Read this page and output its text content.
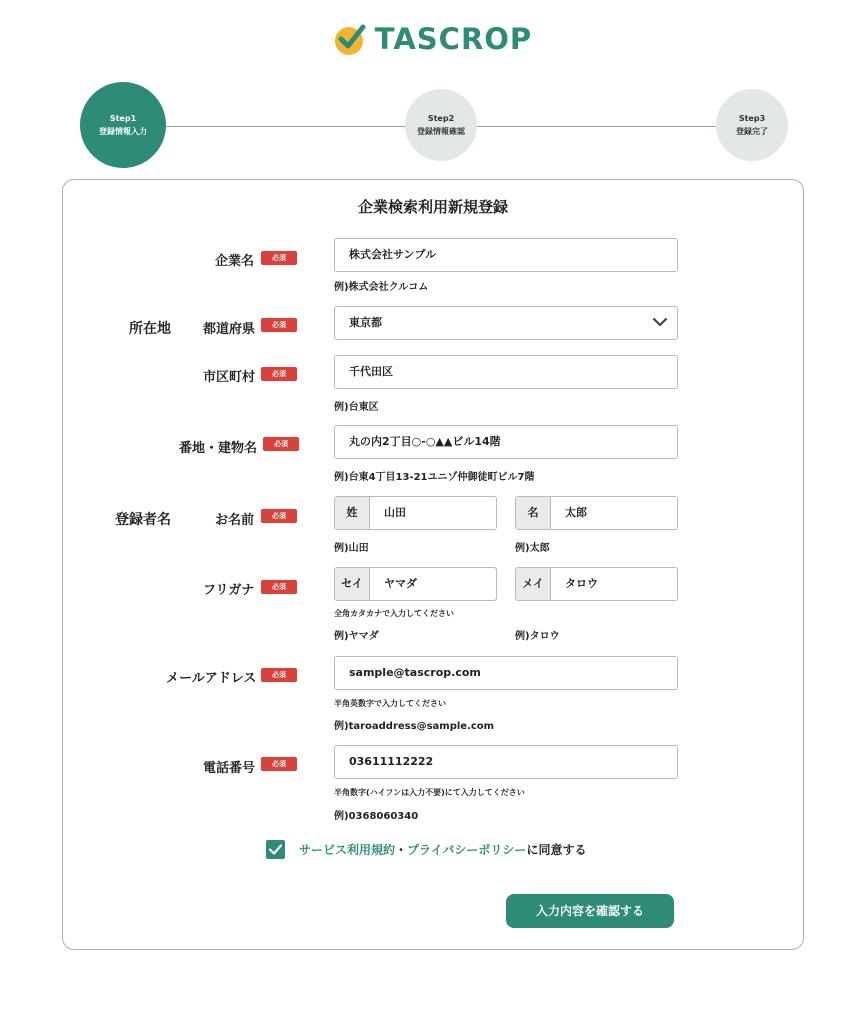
TASCROP
Step1
登録情報入力
Step2
登録情報確認
Step3
登録完了
企業検索利用新規登録
企業名	必須	株式会社サンプル
例)株式会社クルコム
所在地 都道府県	必須	東京都
市区町村	必須	千代田区
例)台東区
番地・建物名	必須	丸の内2丁目○-○▲▲ビル14階
例)台東4丁目13-21ユニゾ仲御徒町ビル7階
登録者名	お名前	必須	姓	山田	名	太郎
例)山田	例)太郎
フリガナ	必須	セイ	ヤマダ	メイ	タロウ
全角カタカナで入力してください
例)ヤマダ	例)タロウ
メールアドレス	必須	sample@tascrop.com
半角英数字で入力してください
例)taroaddress@sample.com
電話番号	必須	03611112222
半角数字(ハイフンは入力不要)にて入力してください
例)0368060340
サービス利用規約・プライバシーポリシーに同意する
入力内容を確認する
